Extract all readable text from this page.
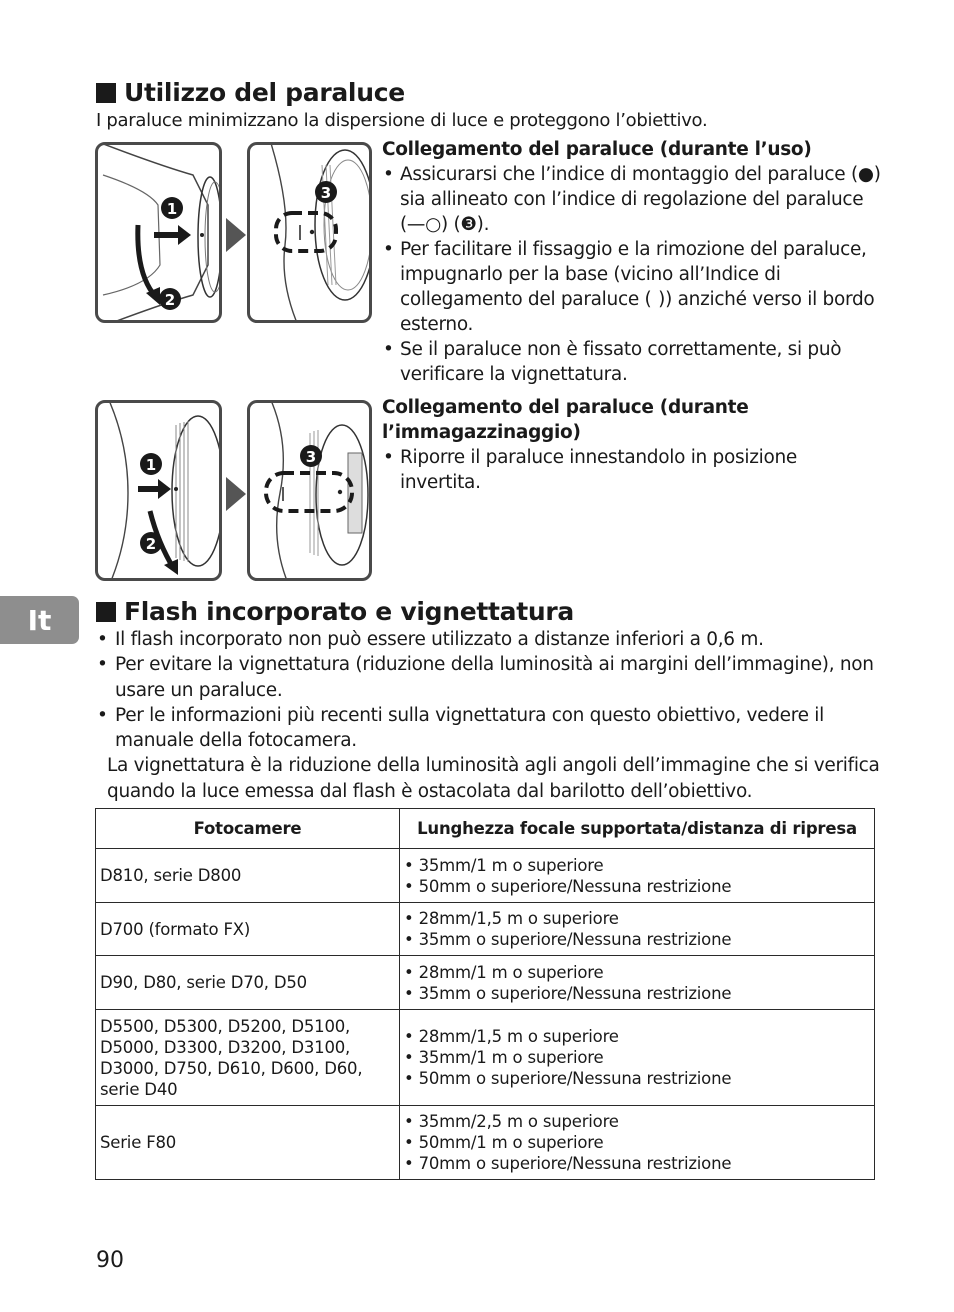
Utilizzo del paraluce
I paraluce minimizzano la dispersione di luce e proteggono l’obiettivo.
1
2
3
Collegamento del paraluce (durante l’uso)
• Assicurarsi che l’indice di montaggio del paraluce (●) sia allineato con l’indice di regolazione del paraluce (—○) (❸).
• Per facilitare il fissaggio e la rimozione del paraluce, impugnarlo per la base (vicino all’Indice di collegamento del paraluce (  )) anziché verso il bordo esterno.
• Se il paraluce non è fissato correttamente, si può verificare la vignettatura.
1
2
3
Collegamento del paraluce (durante l’immagazzinaggio)
• Riporre il paraluce innestandolo in posizione invertita.
It	Flash incorporato e vignettatura
• Il flash incorporato non può essere utilizzato a distanze inferiori a 0,6 m.
• Per evitare la vignettatura (riduzione della luminosità ai margini dell’immagine), non usare un paraluce.
• Per le informazioni più recenti sulla vignettatura con questo obiettivo, vedere il manuale della fotocamera.
La vignettatura è la riduzione della luminosità agli angoli dell’immagine che si verifica quando la luce emessa dal flash è ostacolata dal barilotto dell’obiettivo.
Fotocamere	Lunghezza focale supportata/distanza di ripresa
D810, serie D800	• 35mm/1 m o superiore
• 50mm o superiore/Nessuna restrizione

D700 (formato FX)	• 28mm/1,5 m o superiore
• 35mm o superiore/Nessuna restrizione

D90, D80, serie D70, D50	• 28mm/1 m o superiore
• 35mm o superiore/Nessuna restrizione

D5500, D5300, D5200, D5100, D5000, D3300, D3200, D3100, D3000, D750, D610, D600, D60, serie D40	• 28mm/1,5 m o superiore
• 35mm/1 m o superiore
• 50mm o superiore/Nessuna restrizione

Serie F80	• 35mm/2,5 m o superiore
• 50mm/1 m o superiore
• 70mm o superiore/Nessuna restrizione
90
